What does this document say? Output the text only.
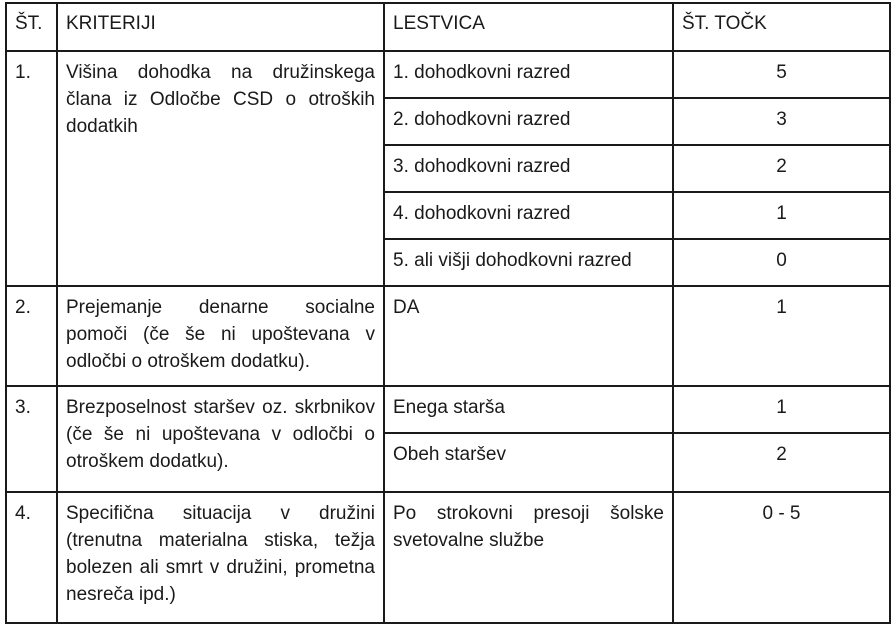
ŠT.	KRITERIJI	LESTVICA	ŠT. TOČK
1.	Višina dohodka na družinskega člana iz Odločbe CSD o otroških dodatkih	1. dohodkovni razred	5
		2. dohodkovni razred	3
		3. dohodkovni razred	2
		4. dohodkovni razred	1
		5. ali višji dohodkovni razred	0
2.	Prejemanje denarne socialne pomoči (če še ni upoštevana v odločbi o otroškem dodatku).	DA	1
3.	Brezposelnost staršev oz. skrbnikov (če še ni upoštevana v odločbi o otroškem dodatku).	Enega starša	1
		Obeh staršev	2
4.	Specifična situacija v družini (trenutna materialna stiska, težja bolezen ali smrt v družini, prometna nesreča ipd.)	Po strokovni presoji šolske svetovalne službe	0 - 5
